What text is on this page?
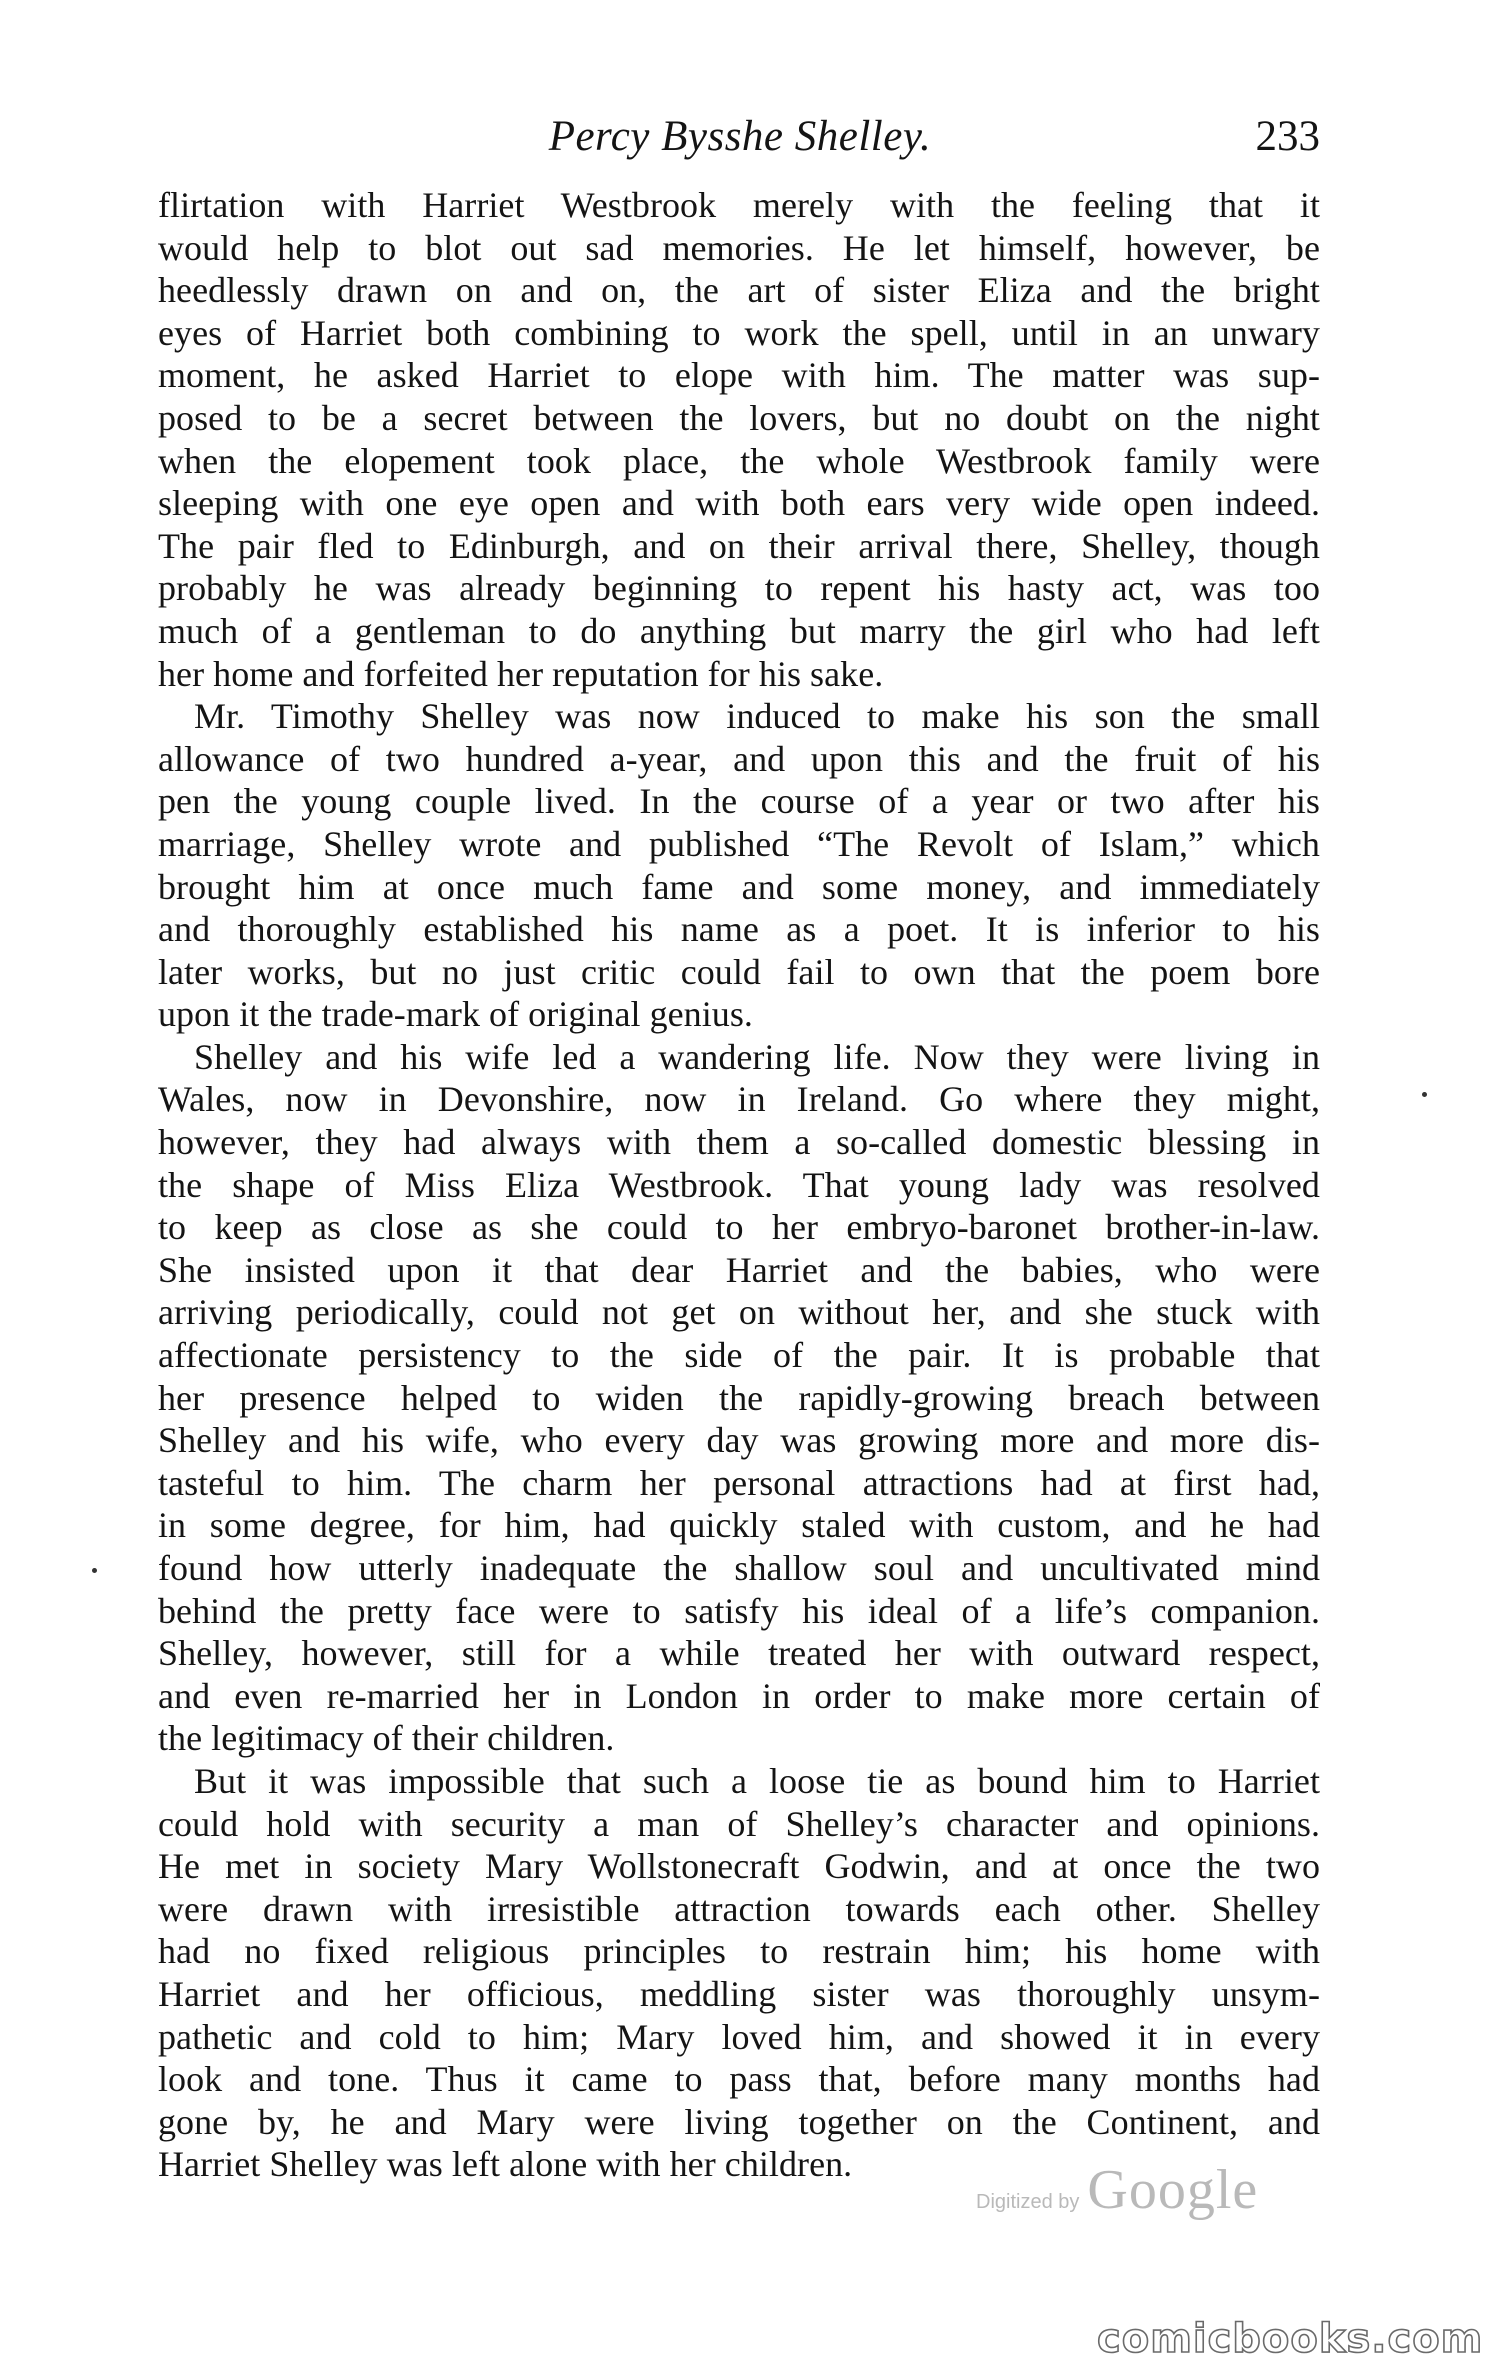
Percy Bysshe Shelley.	233

flirtation with Harriet Westbrook merely with the feeling that it
would help to blot out sad memories. He let himself, however, be
heedlessly drawn on and on, the art of sister Eliza and the bright
eyes of Harriet both combining to work the spell, until in an unwary
moment, he asked Harriet to elope with him. The matter was sup-
posed to be a secret between the lovers, but no doubt on the night
when the elopement took place, the whole Westbrook family were
sleeping with one eye open and with both ears very wide open indeed.
The pair fled to Edinburgh, and on their arrival there, Shelley, though
probably he was already beginning to repent his hasty act, was too
much of a gentleman to do anything but marry the girl who had left
her home and forfeited her reputation for his sake.

Mr. Timothy Shelley was now induced to make his son the small
allowance of two hundred a-year, and upon this and the fruit of his
pen the young couple lived. In the course of a year or two after his
marriage, Shelley wrote and published “The Revolt of Islam,” which
brought him at once much fame and some money, and immediately
and thoroughly established his name as a poet. It is inferior to his
later works, but no just critic could fail to own that the poem bore
upon it the trade-mark of original genius.

Shelley and his wife led a wandering life. Now they were living in
Wales, now in Devonshire, now in Ireland. Go where they might,
however, they had always with them a so-called domestic blessing in
the shape of Miss Eliza Westbrook. That young lady was resolved
to keep as close as she could to her embryo-baronet brother-in-law.
She insisted upon it that dear Harriet and the babies, who were
arriving periodically, could not get on without her, and she stuck with
affectionate persistency to the side of the pair. It is probable that
her presence helped to widen the rapidly-growing breach between
Shelley and his wife, who every day was growing more and more dis-
tasteful to him. The charm her personal attractions had at first had,
in some degree, for him, had quickly staled with custom, and he had
found how utterly inadequate the shallow soul and uncultivated mind
behind the pretty face were to satisfy his ideal of a life’s companion.
Shelley, however, still for a while treated her with outward respect,
and even re-married her in London in order to make more certain of
the legitimacy of their children.

But it was impossible that such a loose tie as bound him to Harriet
could hold with security a man of Shelley’s character and opinions.
He met in society Mary Wollstonecraft Godwin, and at once the two
were drawn with irresistible attraction towards each other. Shelley
had no fixed religious principles to restrain him; his home with
Harriet and her officious, meddling sister was thoroughly unsym-
pathetic and cold to him; Mary loved him, and showed it in every
look and tone. Thus it came to pass that, before many months had
gone by, he and Mary were living together on the Continent, and
Harriet Shelley was left alone with her children.

Digitized by Google
comicbooks.com
